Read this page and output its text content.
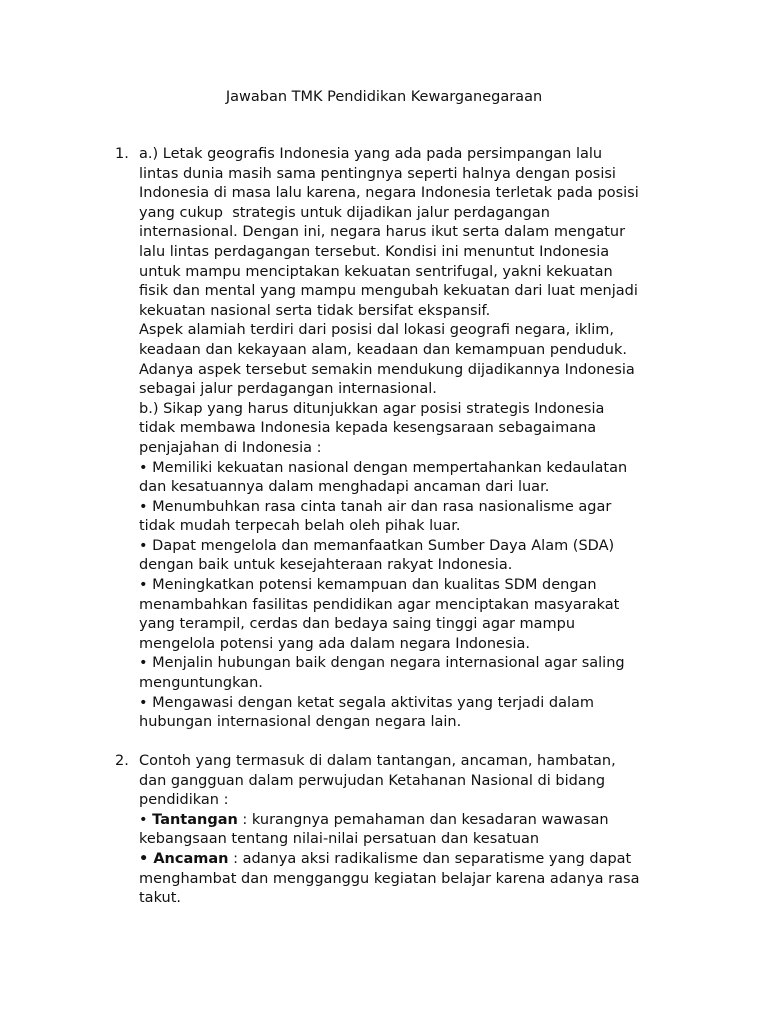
Jawaban TMK Pendidikan Kewarganegaraan
1. a.) Letak geografis Indonesia yang ada pada persimpangan lalu
lintas dunia masih sama pentingnya seperti halnya dengan posisi
Indonesia di masa lalu karena, negara Indonesia terletak pada posisi
yang cukup  strategis untuk dijadikan jalur perdagangan
internasional. Dengan ini, negara harus ikut serta dalam mengatur
lalu lintas perdagangan tersebut. Kondisi ini menuntut Indonesia
untuk mampu menciptakan kekuatan sentrifugal, yakni kekuatan
fisik dan mental yang mampu mengubah kekuatan dari luat menjadi
kekuatan nasional serta tidak bersifat ekspansif.
Aspek alamiah terdiri dari posisi dal lokasi geografi negara, iklim,
keadaan dan kekayaan alam, keadaan dan kemampuan penduduk.
Adanya aspek tersebut semakin mendukung dijadikannya Indonesia
sebagai jalur perdagangan internasional.
b.) Sikap yang harus ditunjukkan agar posisi strategis Indonesia
tidak membawa Indonesia kepada kesengsaraan sebagaimana
penjajahan di Indonesia :
• Memiliki kekuatan nasional dengan mempertahankan kedaulatan
dan kesatuannya dalam menghadapi ancaman dari luar.
• Menumbuhkan rasa cinta tanah air dan rasa nasionalisme agar
tidak mudah terpecah belah oleh pihak luar.
• Dapat mengelola dan memanfaatkan Sumber Daya Alam (SDA)
dengan baik untuk kesejahteraan rakyat Indonesia.
• Meningkatkan potensi kemampuan dan kualitas SDM dengan
menambahkan fasilitas pendidikan agar menciptakan masyarakat
yang terampil, cerdas dan bedaya saing tinggi agar mampu
mengelola potensi yang ada dalam negara Indonesia.
• Menjalin hubungan baik dengan negara internasional agar saling
menguntungkan.
• Mengawasi dengan ketat segala aktivitas yang terjadi dalam
hubungan internasional dengan negara lain.
2. Contoh yang termasuk di dalam tantangan, ancaman, hambatan,
dan gangguan dalam perwujudan Ketahanan Nasional di bidang
pendidikan :
• Tantangan : kurangnya pemahaman dan kesadaran wawasan
kebangsaan tentang nilai-nilai persatuan dan kesatuan
• Ancaman : adanya aksi radikalisme dan separatisme yang dapat
menghambat dan mengganggu kegiatan belajar karena adanya rasa
takut.
